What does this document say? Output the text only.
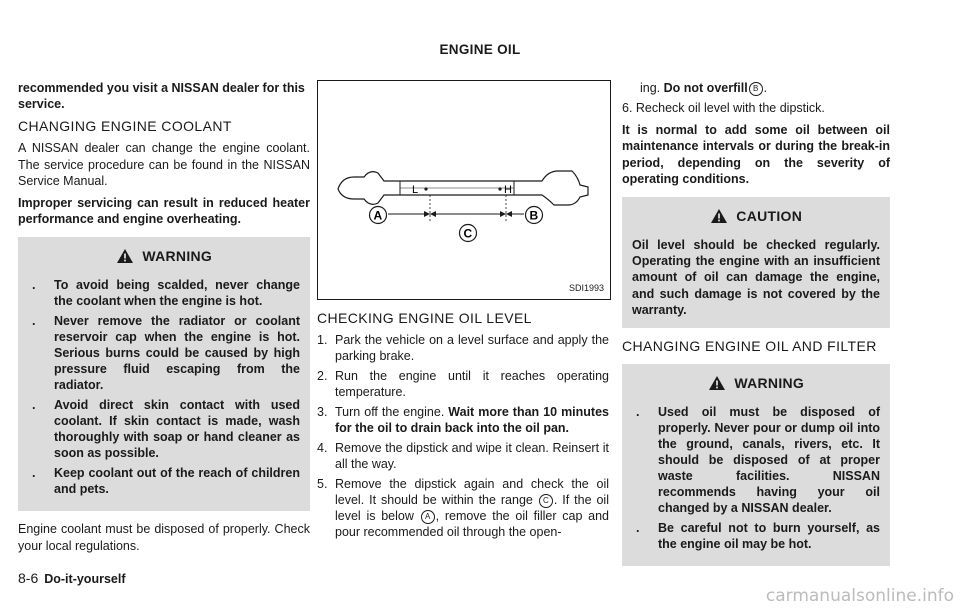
ENGINE OIL

recommended you visit a NISSAN dealer for this service.

CHANGING ENGINE COOLANT

A NISSAN dealer can change the engine coolant. The service procedure can be found in the NISSAN Service Manual.

Improper servicing can result in reduced heater performance and engine overheating.

WARNING
.	To avoid being scalded, never change the coolant when the engine is hot.
.	Never remove the radiator or coolant reservoir cap when the engine is hot. Serious burns could be caused by high pressure fluid escaping from the radiator.
.	Avoid direct skin contact with used coolant. If skin contact is made, wash thoroughly with soap or hand cleaner as soon as possible.
.	Keep coolant out of the reach of children and pets.

Engine coolant must be disposed of properly. Check your local regulations.

L	H
A	B
C
SDI1993
CHECKING ENGINE OIL LEVEL
1. Park the vehicle on a level surface and apply the parking brake.
2. Run the engine until it reaches operating temperature.
3. Turn off the engine. Wait more than 10 minutes for the oil to drain back into the oil pan.
4. Remove the dipstick and wipe it clean. Reinsert it all the way.
5. Remove the dipstick again and check the oil level. It should be within the range C . If the oil level is below A , remove the oil filler cap and pour recommended oil through the open-
ing. Do not overfill B .

6. Recheck oil level with the dipstick.

It is normal to add some oil between oil maintenance intervals or during the break-in period, depending on the severity of operating conditions.

CAUTION

Oil level should be checked regularly. Operating the engine with an insufficient amount of oil can damage the engine, and such damage is not covered by the warranty.

CHANGING ENGINE OIL AND FILTER
WARNING
.	Used oil must be disposed of properly. Never pour or dump oil into the ground, canals, rivers, etc. It should be disposed of at proper waste facilities. NISSAN recommends having your oil changed by a NISSAN dealer.
.	Be careful not to burn yourself, as the engine oil may be hot.
8-6 Do-it-yourself
carmanualsonline.info
